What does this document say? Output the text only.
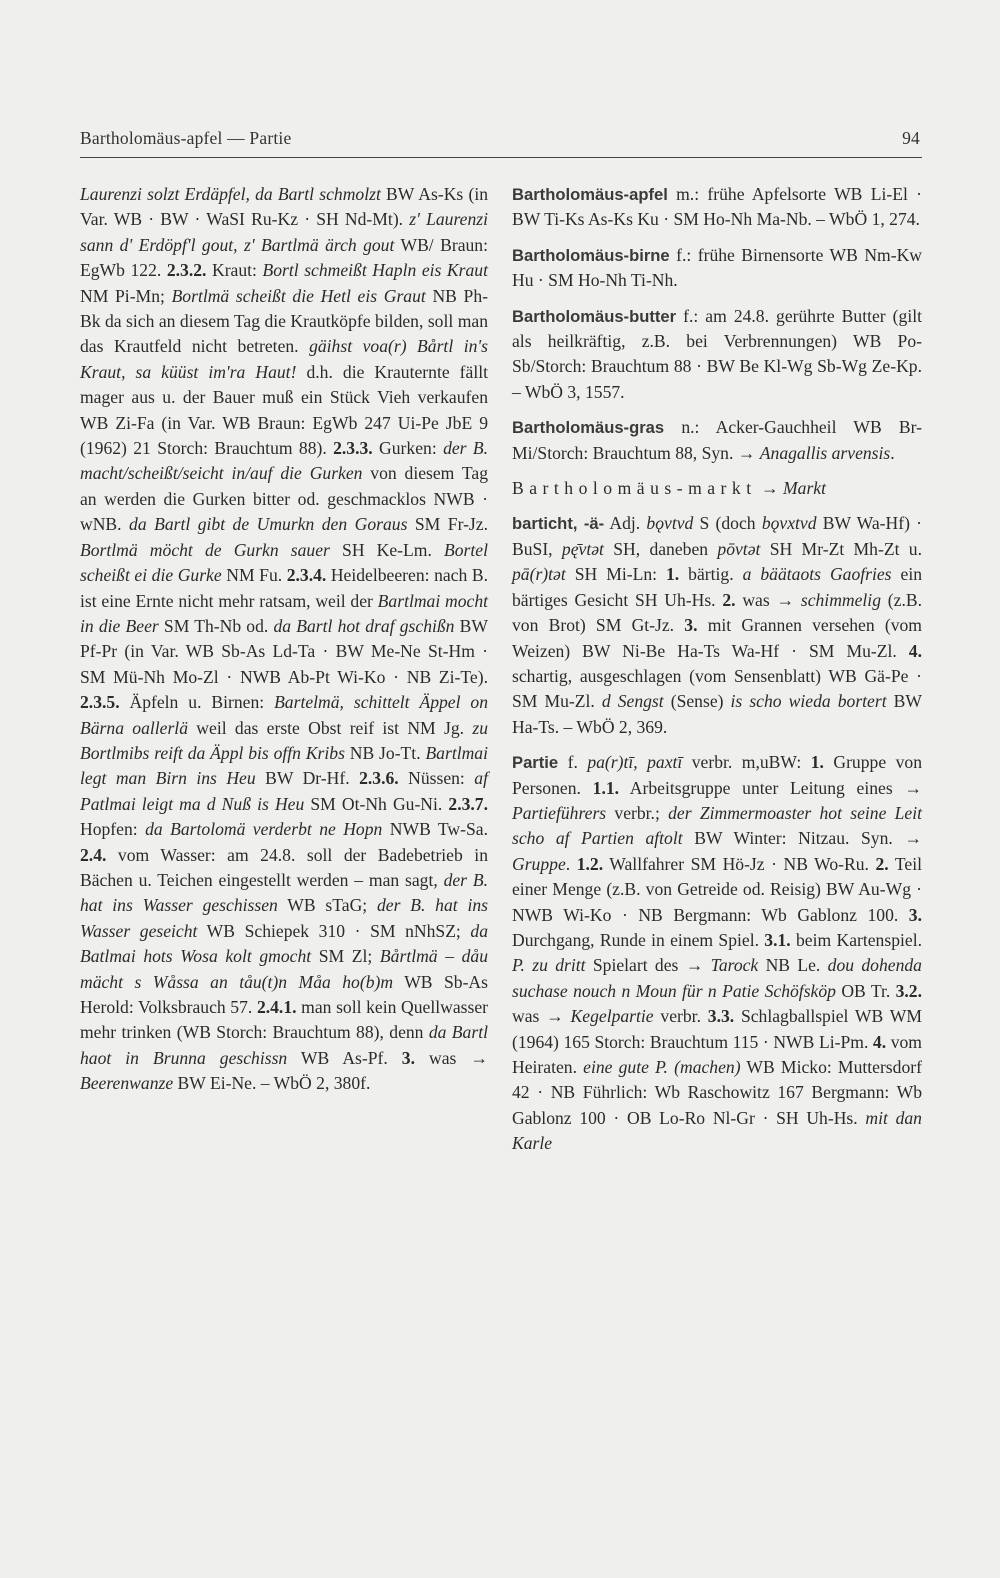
Bartholomäus-apfel — Partie	94

Laurenzi solzt Erdäpfel, da Bartl schmolzt BW As-Ks (in Var. WB · BW · WaSI Ru-Kz · SH Nd-Mt). z' Laurenzi sann d' Erdöpf'l gout, z' Bartlmä ärch gout WB/ Braun: EgWb 122. 2.3.2. Kraut: Bortl schmeißt Hapln eis Kraut NM Pi-Mn; Bortlmä scheißt die Hetl eis Graut NB Ph-Bk da sich an diesem Tag die Krautköpfe bilden, soll man das Krautfeld nicht betreten. gäihst voa(r) Bårtl in's Kraut, sa küüst im'ra Haut! d.h. die Krauternte fällt mager aus u. der Bauer muß ein Stück Vieh verkaufen WB Zi-Fa (in Var. WB Braun: EgWb 247 Ui-Pe JbE 9 (1962) 21 Storch: Brauchtum 88). 2.3.3. Gurken: der B. macht/scheißt/seicht in/auf die Gurken von diesem Tag an werden die Gurken bitter od. geschmacklos NWB · wNB. da Bartl gibt de Umurkn den Goraus SM Fr-Jz. Bortlmä möcht de Gurkn sauer SH Ke-Lm. Bortel scheißt ei die Gurke NM Fu. 2.3.4. Heidelbeeren: nach B. ist eine Ernte nicht mehr ratsam, weil der Bartlmai mocht in die Beer SM Th-Nb od. da Bartl hot draf gschißn BW Pf-Pr (in Var. WB Sb-As Ld-Ta · BW Me-Ne St-Hm · SM Mü-Nh Mo-Zl · NWB Ab-Pt Wi-Ko · NB Zi-Te). 2.3.5. Äpfeln u. Birnen: Bartelmä, schittelt Äppel on Bärna oallerlä weil das erste Obst reif ist NM Jg. zu Bortlmibs reift da Äppl bis offn Kribs NB Jo-Tt. Bartlmai legt man Birn ins Heu BW Dr-Hf. 2.3.6. Nüssen: af Patlmai leigt ma d Nuß is Heu SM Ot-Nh Gu-Ni. 2.3.7. Hopfen: da Bartolomä verderbt ne Hopn NWB Tw-Sa. 2.4. vom Wasser: am 24.8. soll der Badebetrieb in Bächen u. Teichen eingestellt werden – man sagt, der B. hat ins Wasser geschissen WB sTaG; der B. hat ins Wasser geseicht WB Schiepek 310 · SM nNhSZ; da Batlmai hots Wosa kolt gmocht SM Zl; Bårtlmä – dåu mächt s Wåssa an tåu(t)n Måa ho(b)m WB Sb-As Herold: Volksbrauch 57. 2.4.1. man soll kein Quellwasser mehr trinken (WB Storch: Brauchtum 88), denn da Bartl haot in Brunna geschissn WB As-Pf. 3. was → Beerenwanze BW Ei-Ne. – WbÖ 2, 380f.

Bartholomäus-apfel m.: frühe Apfelsorte WB Li-El · BW Ti-Ks As-Ks Ku · SM Ho-Nh Ma-Nb. – WbÖ 1, 274.

Bartholomäus-birne f.: frühe Birnensorte WB Nm-Kw Hu · SM Ho-Nh Ti-Nh.

Bartholomäus-butter f.: am 24.8. gerührte Butter (gilt als heilkräftig, z.B. bei Verbrennungen) WB Po-Sb/Storch: Brauchtum 88 · BW Be Kl-Wg Sb-Wg Ze-Kp. – WbÖ 3, 1557.

Bartholomäus-gras n.: Acker-Gauchheil WB Br-Mi/Storch: Brauchtum 88, Syn. → Anagallis arvensis.

Bartholomäus-markt → Markt

barticht, -ä- Adj. bǫvtvd S (doch bǫvxtvd BW Wa-Hf) · BuSI, pę̄vtət SH, daneben pōvtət SH Mr-Zt Mh-Zt u. pā(r)tət SH Mi-Ln: 1. bärtig. a bäätaots Gaofries ein bärtiges Gesicht SH Uh-Hs. 2. was → schimmelig (z.B. von Brot) SM Gt-Jz. 3. mit Grannen versehen (vom Weizen) BW Ni-Be Ha-Ts Wa-Hf · SM Mu-Zl. 4. schartig, ausgeschlagen (vom Sensenblatt) WB Gä-Pe · SM Mu-Zl. d Sengst (Sense) is scho wieda bortert BW Ha-Ts. – WbÖ 2, 369.

Partie f. pa(r)tī, paxtī verbr. m,uBW: 1. Gruppe von Personen. 1.1. Arbeitsgruppe unter Leitung eines → Partieführers verbr.; der Zimmermoaster hot seine Leit scho af Partien aftolt BW Winter: Nitzau. Syn. → Gruppe. 1.2. Wallfahrer SM Hö-Jz · NB Wo-Ru. 2. Teil einer Menge (z.B. von Getreide od. Reisig) BW Au-Wg · NWB Wi-Ko · NB Bergmann: Wb Gablonz 100. 3. Durchgang, Runde in einem Spiel. 3.1. beim Kartenspiel. P. zu dritt Spielart des → Tarock NB Le. dou dohenda suchase nouch n Moun für n Patie Schöfsköp OB Tr. 3.2. was → Kegelpartie verbr. 3.3. Schlagballspiel WB WM (1964) 165 Storch: Brauchtum 115 · NWB Li-Pm. 4. vom Heiraten. eine gute P. (machen) WB Micko: Muttersdorf 42 · NB Führlich: Wb Raschowitz 167 Bergmann: Wb Gablonz 100 · OB Lo-Ro Nl-Gr · SH Uh-Hs. mit dan Karle
